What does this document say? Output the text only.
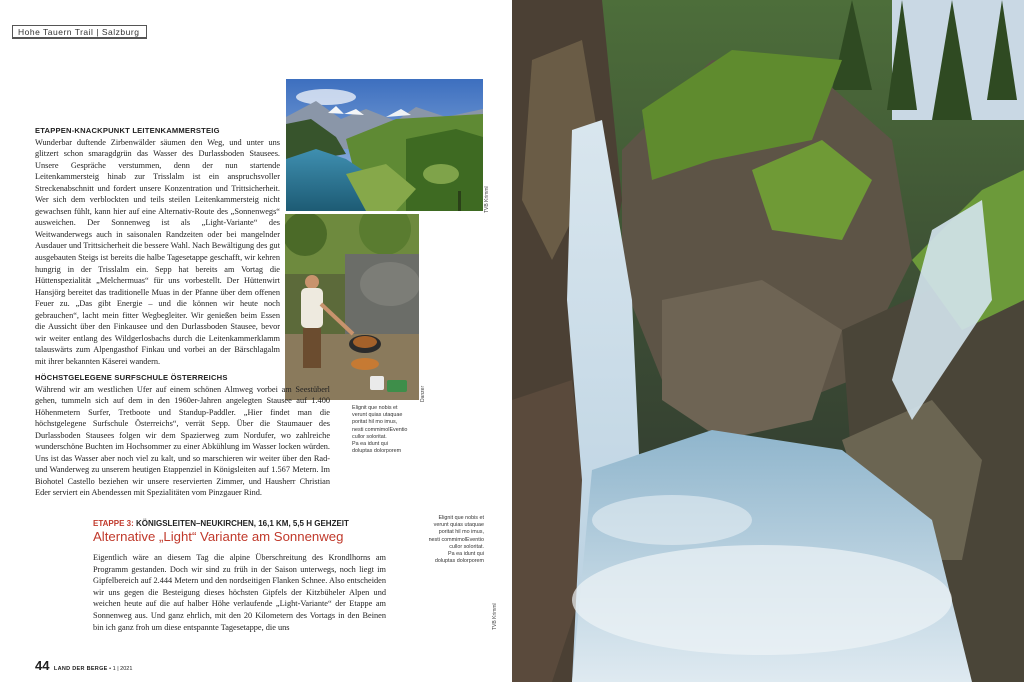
Hohe Tauern Trail | Salzburg
TVB Krimml
Danzer
Elignit que nobis et
verunt quias utaquae
poritat hil mo imus,
nesti commimolEventio
cullor soloritat.
Pa ea idunt qui
doluptas dolorporem

ETAPPEN-KNACKPUNKT LEITENKAMMERSTEIG

Wunderbar duftende Zirbenwälder säumen den Weg, und unter uns glitzert schon smaragdgrün das Wasser des Durlassboden Stausees. Unsere Gespräche verstummen, denn der nun startende Leitenkammersteig hinab zur Trisslalm ist ein anspruchsvoller Streckenabschnitt und fordert unsere Konzentration und Trittsicherheit. Wer sich dem verblockten und teils steilen Leitenkammersteig nicht gewachsen fühlt, kann hier auf eine Alternativ-Route des „Sonnenwegs“ ausweichen. Der Sonnenweg ist als „Light-Variante“ des Weitwanderwegs auch in saisonalen Randzeiten oder bei mangelnder Ausdauer und Trittsicherheit die bessere Wahl. Nach Bewältigung des gut ausgebauten Steigs ist bereits die halbe Tagesetappe geschafft, wir kehren hungrig in der Trisslalm ein. Sepp hat bereits am Vortag die Hüttenspezialität „Melchermuas“ für uns vorbestellt. Der Hüttenwirt Hansjörg bereitet das traditionelle Muas in der Pfanne über dem offenen Feuer zu. „Das gibt Energie – und die können wir heute noch gebrauchen“, lacht mein fitter Wegbegleiter. Wir genießen beim Essen die Aussicht über den Finkausee und den Durlassboden Stausee, bevor wir weiter entlang des Wildgerlosbachs durch die Leitenkammerklamm talauswärts zum Alpengasthof Finkau und vorbei an der Bärschlagalm mit ihrer bekannten Käserei wandern.

HÖCHSTGELEGENE SURFSCHULE ÖSTERREICHS

Während wir am westlichen Ufer auf einem schönen Almweg vorbei am Seestüberl gehen, tummeln sich auf dem in den 1960er-Jahren angelegten Stausee auf 1.400 Höhenmetern Surfer, Tretboote und Standup-Paddler. „Hier findet man die höchstgelegene Surfschule Österreichs“, verrät Sepp. Über die Staumauer des Durlassboden Stausees folgen wir dem Spazierweg zum Nordufer, wo zahlreiche wunderschöne Buchten im Hochsommer zu einer Abkühlung im Wasser locken würden. Uns ist das Wasser aber noch viel zu kalt, und so marschieren wir weiter über den Rad- und Wanderweg zu unserem heutigen Etappenziel in Königsleiten auf 1.567 Metern. Im Biohotel Castello beziehen wir unsere reservierten Zimmer, und Hausherr Christian Eder serviert ein Abendessen mit Spezialitäten vom Pinzgauer Rind.

ETAPPE 3: KÖNIGSLEITEN–NEUKIRCHEN, 16,1 KM, 5,5 H GEHZEIT
Alternative „Light“ Variante am Sonnenweg

Eigentlich wäre an diesem Tag die alpine Überschreitung des Krondlhorns am Programm gestanden. Doch wir sind zu früh in der Saison unterwegs, noch liegt im Gipfelbereich auf 2.444 Metern und den nordseitigen Flanken Schnee. Also entscheiden wir uns gegen die Besteigung dieses höchsten Gipfels der Kitzbüheler Alpen und weichen heute auf die auf halber Höhe verlaufende „Light-Variante“ der Etappe am Sonnenweg aus. Und ganz ehrlich, mit den 20 Kilometern des Vortags in den Beinen bin ich ganz froh um diese entspannte Tagesetappe, die uns

Elignit que nobis et
verunt quias utaquae
poritat hil mo imus,
nesti commimolEventio
cullor soloritat.
Pa ea idunt qui
doluptas dolorporem
TVB Krimml
44 LAND DER BERGE • 1 | 2021
